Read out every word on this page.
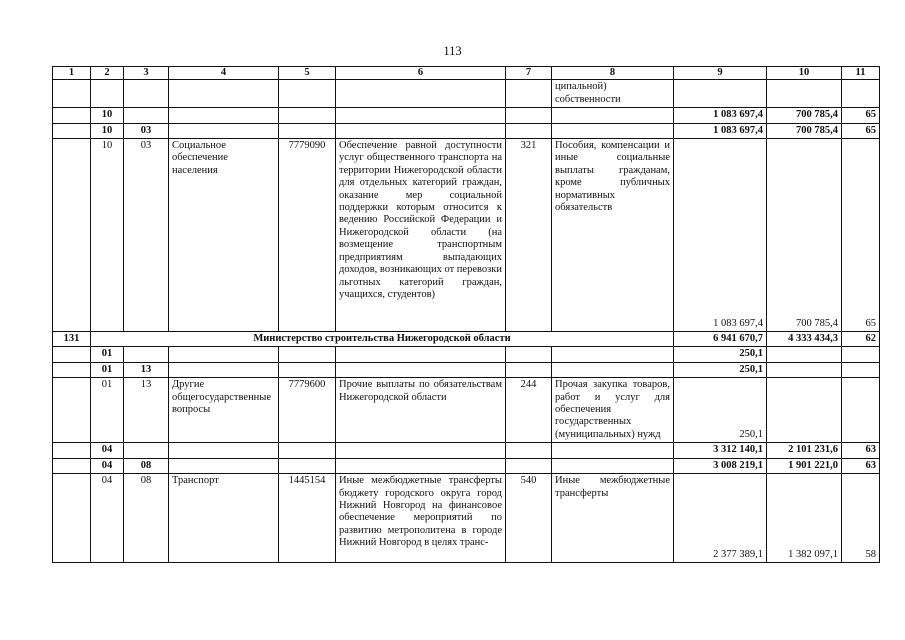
113
1	2	3	4	5	6	7	8	9	10	11
							ципальной) собственности			
	10							1 083 697,4	700 785,4	65
	10	03						1 083 697,4	700 785,4	65
	10	03	Социальное обеспечение населения	7779090	Обеспечение равной доступности услуг общественного транспорта на территории Нижегородской области для отдельных категорий граждан, оказание мер социальной поддержки которым относится к ведению Российской Федерации и Нижегородской области (на возмещение транспортным предприятиям выпадающих доходов, возникающих от перевозки льготных категорий граждан, учащихся, студентов)	321	Пособия, компенсации и иные социальные выплаты гражданам, кроме публичных нормативных обязательств	1 083 697,4	700 785,4	65
131	Министерство строительства Нижегородской области							6 941 670,7	4 333 434,3	62
	01							250,1		
	01	13						250,1		
	01	13	Другие общегосударственные вопросы	7779600	Прочие выплаты по обязательствам Нижегородской области	244	Прочая закупка товаров, работ и услуг для обеспечения государственных (муниципальных) нужд	250,1		
	04							3 312 140,1	2 101 231,6	63
	04	08						3 008 219,1	1 901 221,0	63
	04	08	Транспорт	1445154	Иные межбюджетные трансферты бюджету городского округа город Нижний Новгород на финансовое обеспечение мероприятий по развитию метрополитена в городе Нижний Новгород в целях транс-	540	Иные межбюджетные трансферты	2 377 389,1	1 382 097,1	58
